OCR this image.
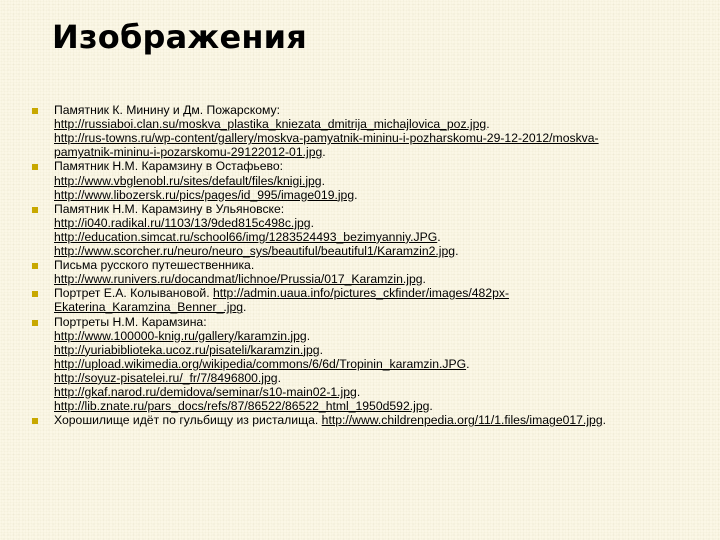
Изображения
Памятник К. Минину и Дм. Пожарскому:
http://russiaboi.clan.su/moskva_plastika_kniezata_dmitrija_michajlovica_poz.jpg.
http://rus-towns.ru/wp-content/gallery/moskva-pamyatnik-mininu-i-pozharskomu-29-12-2012/moskva-
pamyatnik-mininu-i-pozarskomu-29122012-01.jpg.
Памятник Н.М. Карамзину в Остафьево:
http://www.vbglenobl.ru/sites/default/files/knigi.jpg.
http://www.libozersk.ru/pics/pages/id_995/image019.jpg.
Памятник Н.М. Карамзину в Ульяновске:
http://i040.radikal.ru/1103/13/9ded815c498c.jpg.
http://education.simcat.ru/school66/img/1283524493_bezimyanniy.JPG.
http://www.scorcher.ru/neuro/neuro_sys/beautiful/beautiful1/Karamzin2.jpg.
Письма русского путешественника.
http://www.runivers.ru/docandmat/lichnoe/Prussia/017_Karamzin.jpg.
Портрет Е.А. Колывановой. http://admin.uaua.info/pictures_ckfinder/images/482px-
Ekaterina_Karamzina_Benner_.jpg.
Портреты Н.М. Карамзина:
http://www.100000-knig.ru/gallery/karamzin.jpg.
http://yuriabiblioteka.ucoz.ru/pisateli/karamzin.jpg.
http://upload.wikimedia.org/wikipedia/commons/6/6d/Tropinin_karamzin.JPG.
http://soyuz-pisatelei.ru/_fr/7/8496800.jpg.
http://gkaf.narod.ru/demidova/seminar/s10-main02-1.jpg.
http://lib.znate.ru/pars_docs/refs/87/86522/86522_html_1950d592.jpg.
Хорошилище идёт по гульбищу из ристалища. http://www.childrenpedia.org/11/1.files/image017.jpg.
